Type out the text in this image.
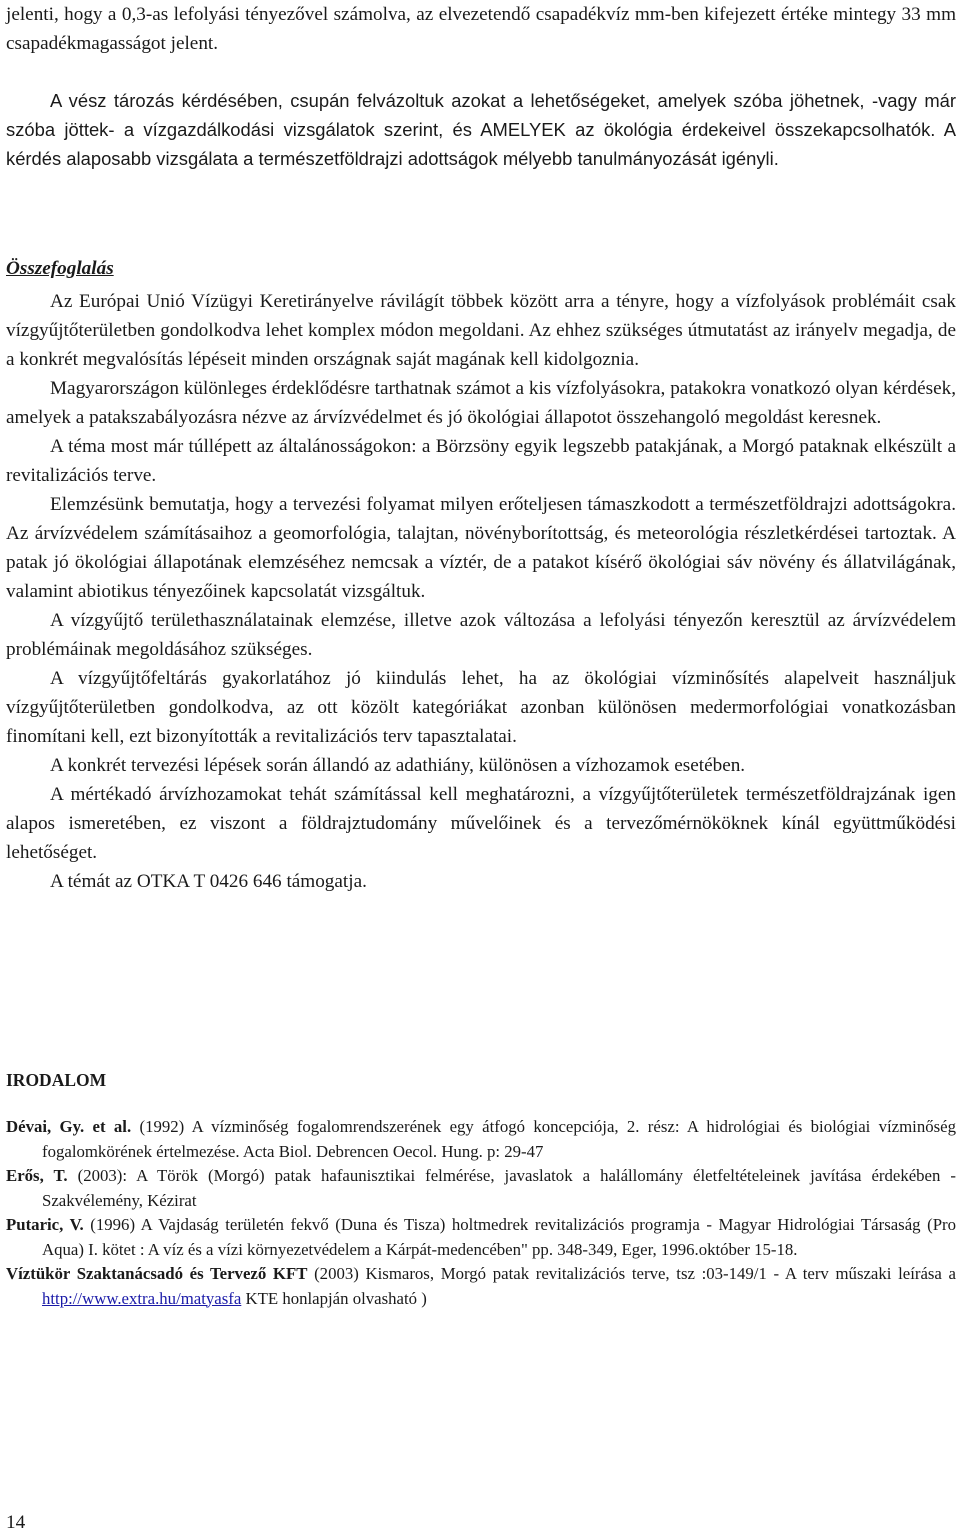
jelenti, hogy a 0,3-as lefolyási tényezővel számolva, az elvezetendő csapadékvíz mm-ben kifejezett értéke mintegy 33 mm csapadékmagasságot jelent.

A vész tározás kérdésében, csupán felvázoltuk azokat a lehetőségeket, amelyek szóba jöhetnek, -vagy már szóba jöttek- a vízgazdálkodási vizsgálatok szerint, és AMELYEK az ökológia érdekeivel összekapcsolhatók. A kérdés alaposabb vizsgálata a természetföldrajzi adottságok mélyebb tanulmányozását igényli.

Összefoglalás

Az Európai Unió Vízügyi Keretirányelve rávilágít többek között arra a tényre, hogy a vízfolyások problémáit csak vízgyűjtőterületben gondolkodva lehet komplex módon megoldani. Az ehhez szükséges útmutatást az irányelv megadja, de a konkrét megvalósítás lépéseit minden országnak saját magának kell kidolgoznia.

Magyarországon különleges érdeklődésre tarthatnak számot a kis vízfolyásokra, patakokra vonatkozó olyan kérdések, amelyek a patakszabályozásra nézve az árvízvédelmet és jó ökológiai állapotot összehangoló megoldást keresnek.

A téma most már túllépett az általánosságokon: a Börzsöny egyik legszebb patakjának, a Morgó pataknak elkészült a revitalizációs terve.

Elemzésünk bemutatja, hogy a tervezési folyamat milyen erőteljesen támaszkodott a természetföldrajzi adottságokra. Az árvízvédelem számításaihoz a geomorfológia, talajtan, növényborítottság, és meteorológia részletkérdései tartoztak. A patak jó ökológiai állapotának elemzéséhez nemcsak a víztér, de a patakot kísérő ökológiai sáv növény és állatvilágának, valamint abiotikus tényezőinek kapcsolatát vizsgáltuk.

A vízgyűjtő területhasználatainak elemzése, illetve azok változása a lefolyási tényezőn keresztül az árvízvédelem problémáinak megoldásához szükséges.

A vízgyűjtőfeltárás gyakorlatához jó kiindulás lehet, ha az ökológiai vízminősítés alapelveit használjuk vízgyűjtőterületben gondolkodva, az ott közölt kategóriákat azonban különösen medermorfológiai vonatkozásban finomítani kell, ezt bizonyították a revitalizációs terv tapasztalatai.

A konkrét tervezési lépések során állandó az adathiány, különösen a vízhozamok esetében.

A mértékadó árvízhozamokat tehát számítással kell meghatározni, a vízgyűjtőterületek természetföldrajzának igen alapos ismeretében, ez viszont a földrajztudomány művelőinek és a tervezőmérnököknek kínál együttműködési lehetőséget.

A témát az OTKA T 0426 646 támogatja.

IRODALOM

Dévai, Gy. et al. (1992) A vízminőség fogalomrendszerének egy átfogó koncepciója, 2. rész: A hidrológiai és biológiai vízminőség fogalomkörének értelmezése. Acta Biol. Debrencen Oecol. Hung. p: 29-47

Erős, T. (2003): A Török (Morgó) patak hafaunisztikai felmérése, javaslatok a halállomány életfeltételeinek javítása érdekében - Szakvélemény, Kézirat

Putaric, V. (1996) A Vajdaság területén fekvő (Duna és Tisza) holtmedrek revitalizációs programja - Magyar Hidrológiai Társaság (Pro Aqua) I. kötet : A víz és a vízi környezetvédelem a Kárpát-medencében" pp. 348-349, Eger, 1996.október 15-18.

Víztükör Szaktanácsadó és Tervező KFT (2003) Kismaros, Morgó patak revitalizációs terve, tsz :03-149/1 - A terv műszaki leírása a http://www.extra.hu/matyasfa KTE honlapján olvasható )

14
